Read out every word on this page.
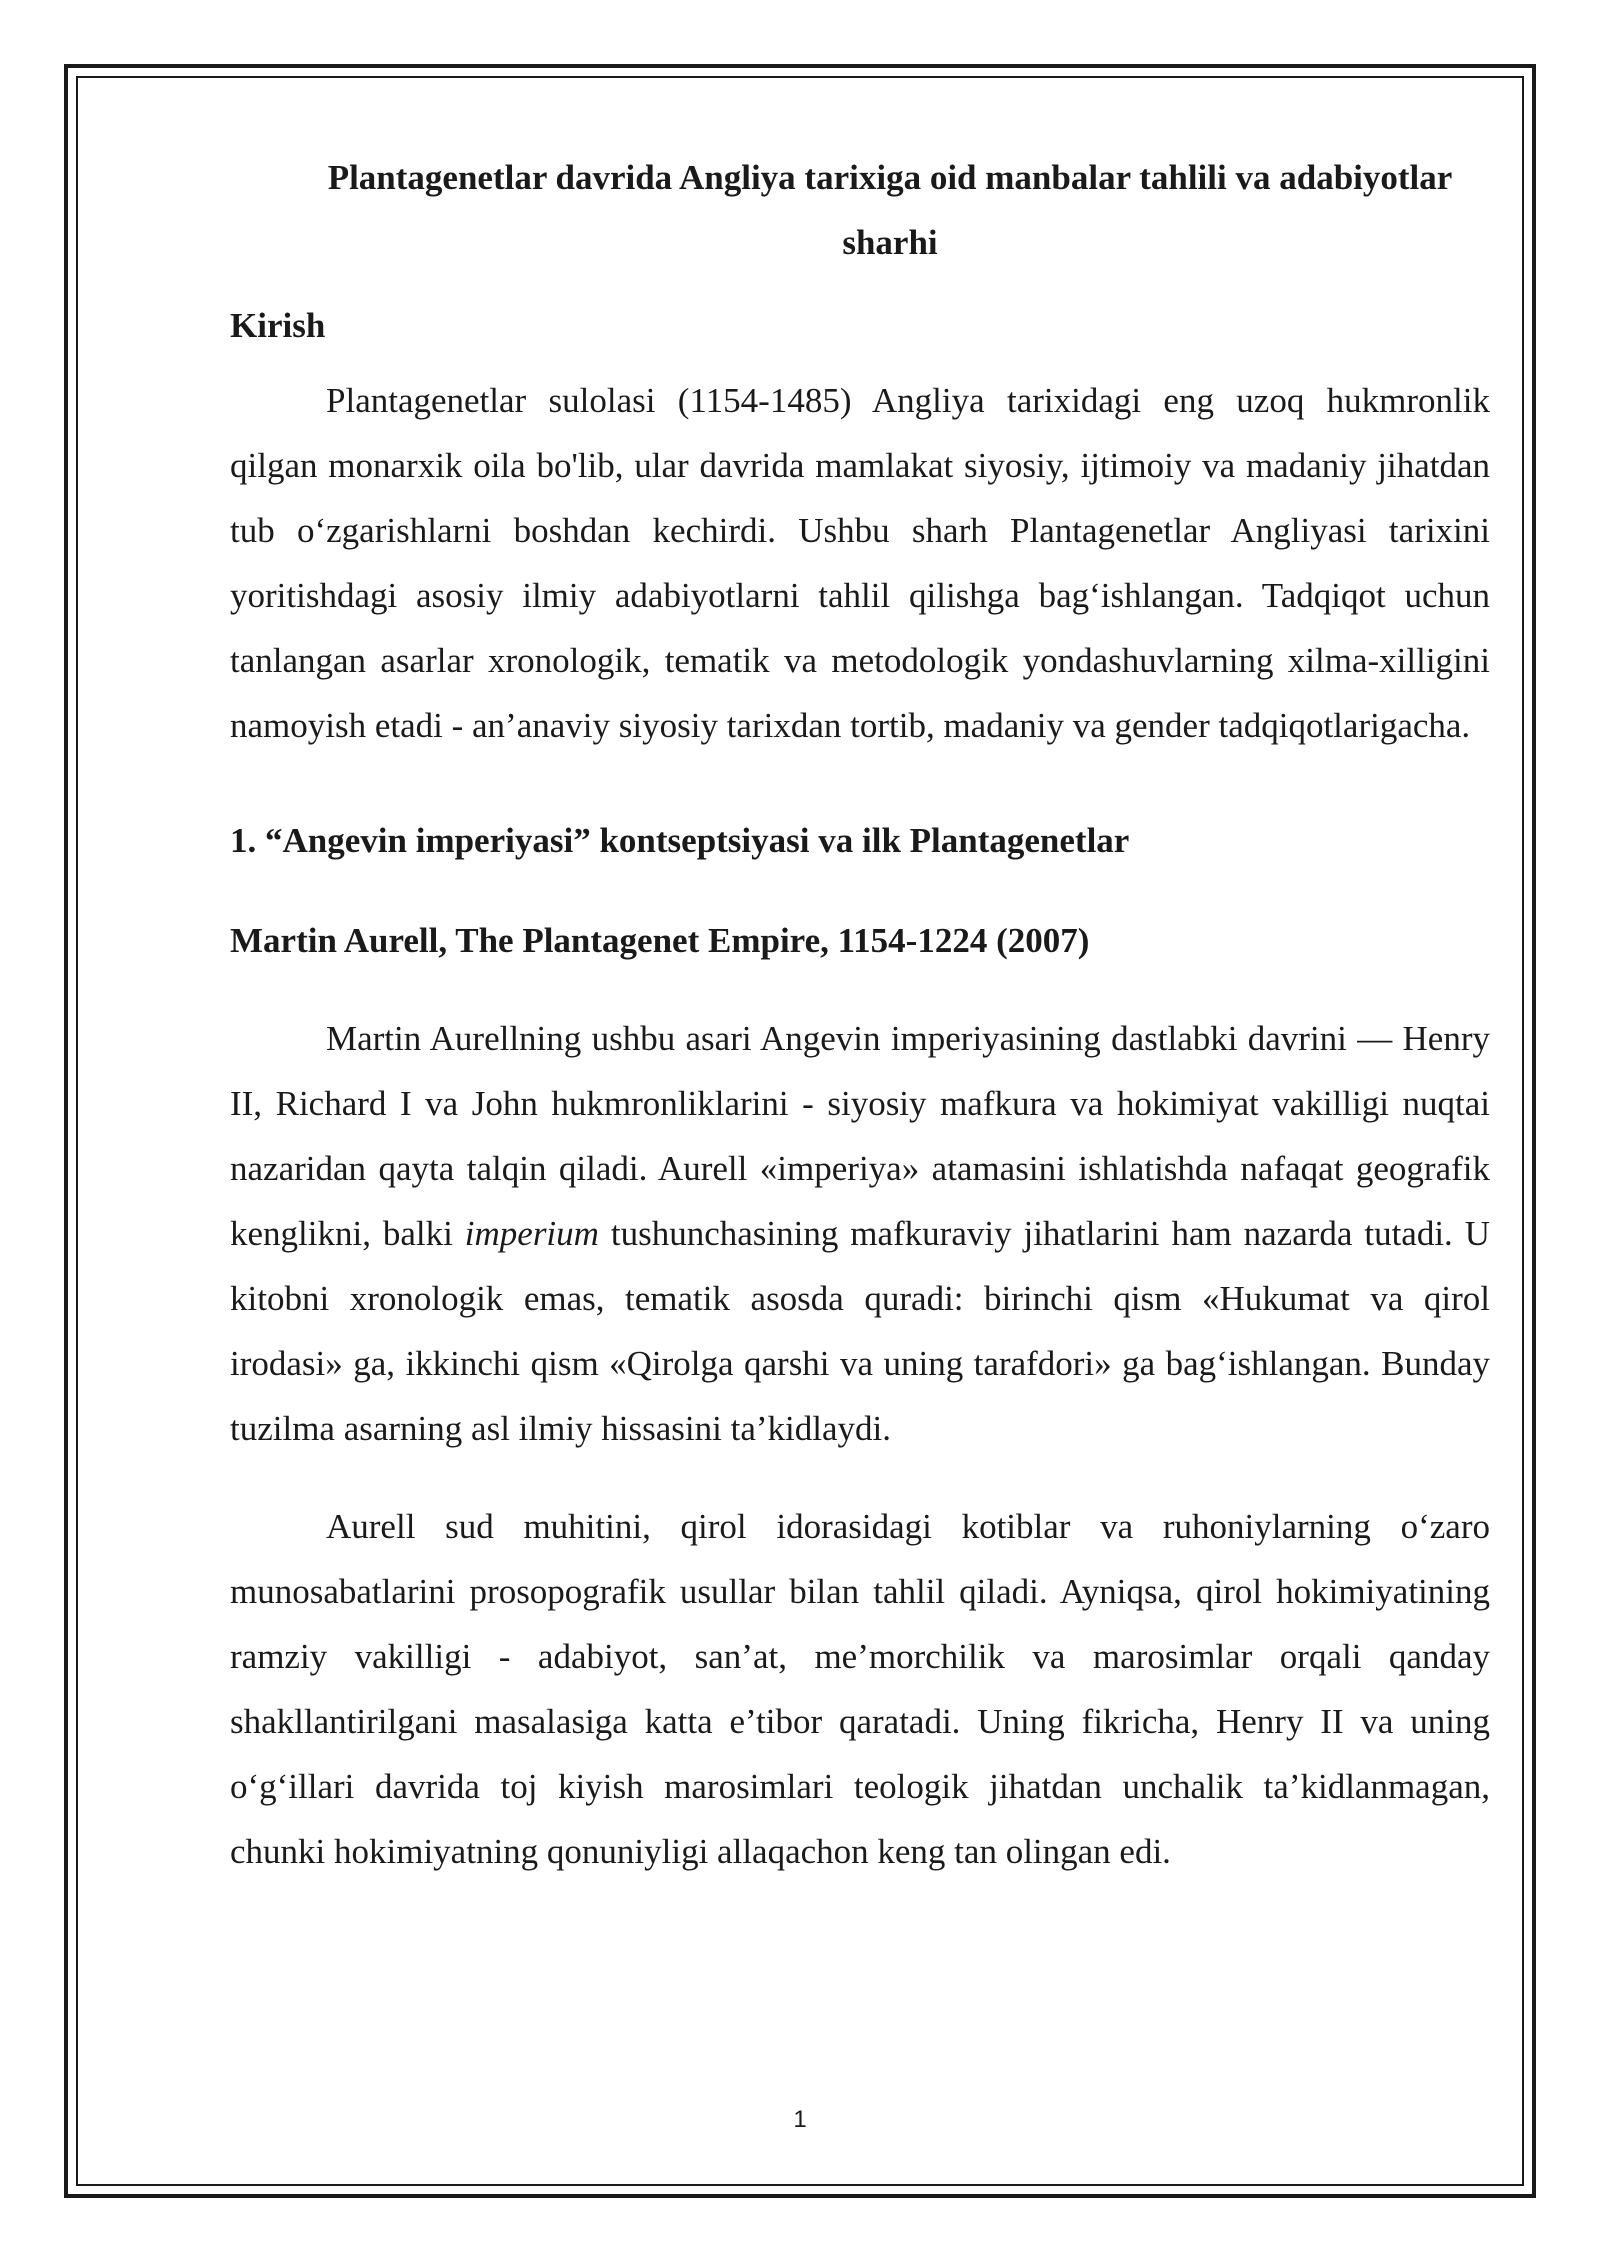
Plantagenetlar davrida Angliya tarixiga oid manbalar tahlili va adabiyotlar sharhi
Kirish

Plantagenetlar sulolasi (1154-1485) Angliya tarixidagi eng uzoq hukmronlik qilgan monarxik oila bo'lib, ular davrida mamlakat siyosiy, ijtimoiy va madaniy jihatdan tub o‘zgarishlarni boshdan kechirdi. Ushbu sharh Plantagenetlar Angliyasi tarixini yoritishdagi asosiy ilmiy adabiyotlarni tahlil qilishga bag‘ishlangan. Tadqiqot uchun tanlangan asarlar xronologik, tematik va metodologik yondashuvlarning xilma-xilligini namoyish etadi - an’anaviy siyosiy tarixdan tortib, madaniy va gender tadqiqotlarigacha.

1. “Angevin imperiyasi” kontseptsiyasi va ilk Plantagenetlar
Martin Aurell, The Plantagenet Empire, 1154-1224 (2007)

Martin Aurellning ushbu asari Angevin imperiyasining dastlabki davrini — Henry II, Richard I va John hukmronliklarini - siyosiy mafkura va hokimiyat vakilligi nuqtai nazaridan qayta talqin qiladi. Aurell «imperiya» atamasini ishlatishda nafaqat geografik kenglikni, balki imperium tushunchasining mafkuraviy jihatlarini ham nazarda tutadi. U kitobni xronologik emas, tematik asosda quradi: birinchi qism «Hukumat va qirol irodasi» ga, ikkinchi qism «Qirolga qarshi va uning tarafdori» ga bag‘ishlangan. Bunday tuzilma asarning asl ilmiy hissasini ta’kidlaydi.

Aurell sud muhitini, qirol idorasidagi kotiblar va ruhoniylarning o‘zaro munosabatlarini prosopografik usullar bilan tahlil qiladi. Ayniqsa, qirol hokimiyatining ramziy vakilligi - adabiyot, san’at, me’morchilik va marosimlar orqali qanday shakllantirilgani masalasiga katta e’tibor qaratadi. Uning fikricha, Henry II va uning o‘g‘illari davrida toj kiyish marosimlari teologik jihatdan unchalik ta’kidlanmagan, chunki hokimiyatning qonuniyligi allaqachon keng tan olingan edi.

1
